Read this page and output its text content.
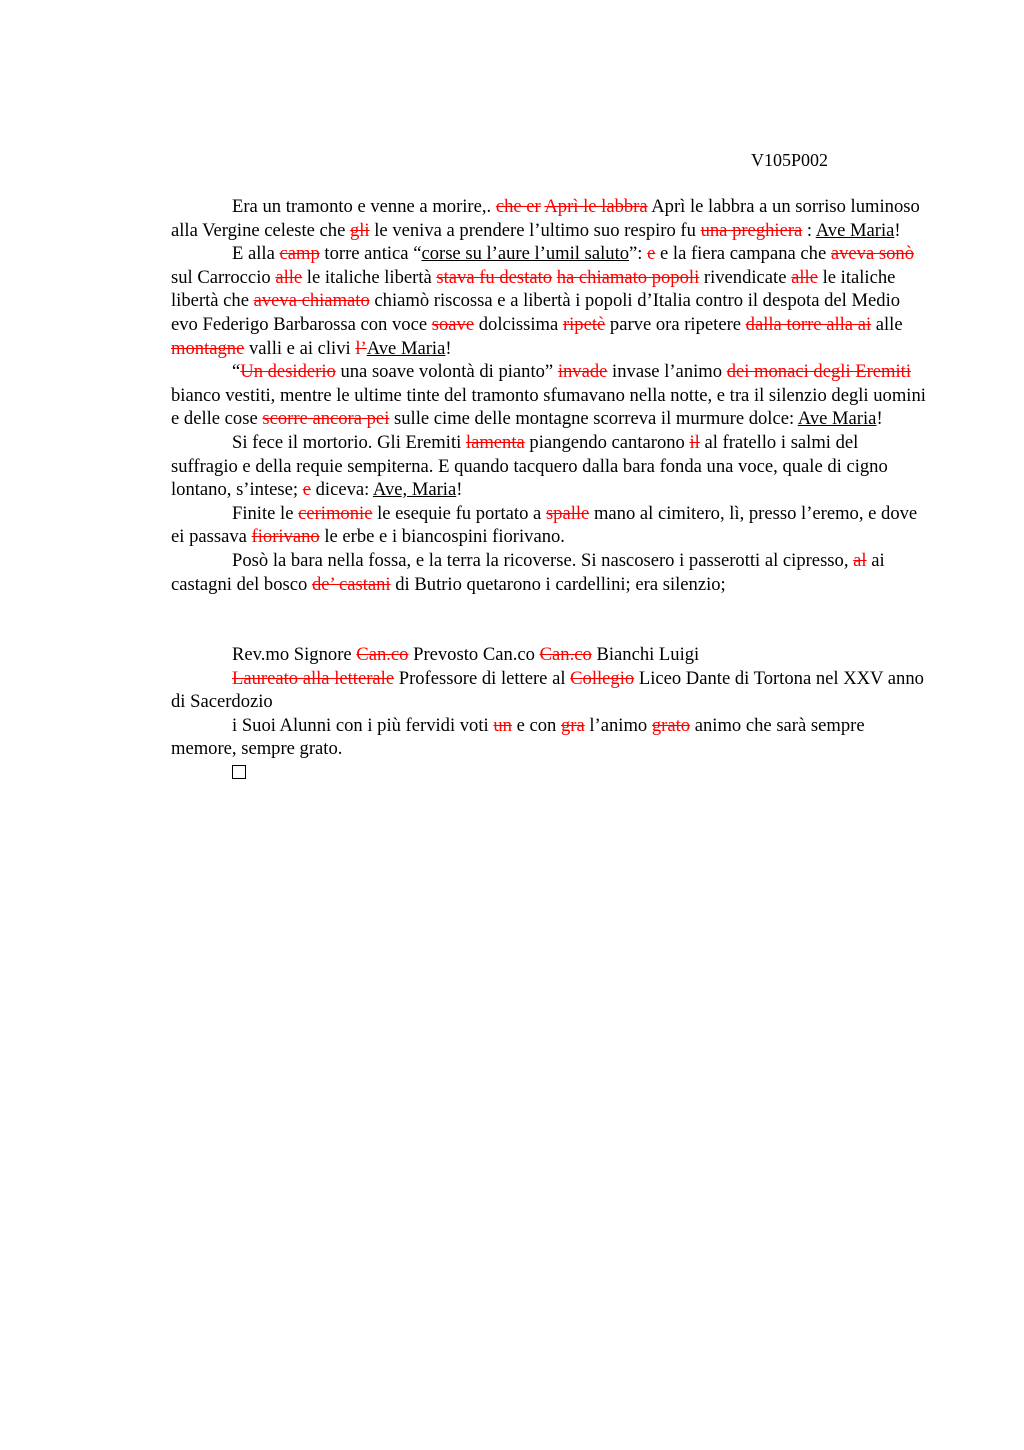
V105P002

Era un tramonto e venne a morire,. che er Aprì le labbra Aprì le labbra a un sorriso luminoso alla Vergine celeste che gli le veniva a prendere l’ultimo suo respiro fu una preghiera : Ave Maria!

E alla camp torre antica “corse su l’aure l’umil saluto”: e e la fiera campana che aveva sonò sul Carroccio alle le italiche libertà stava fu destato ha chiamato popoli rivendicate alle le italiche libertà che aveva chiamato chiamò riscossa e a libertà i popoli d’Italia contro il despota del Medio evo Federigo Barbarossa con voce soave dolcissima ripetè parve ora ripetere dalla torre alla ai alle montagne valli e ai clivi l’Ave Maria!

“Un desiderio una soave volontà di pianto” invade invase l’animo dei monaci degli Eremiti bianco vestiti, mentre le ultime tinte del tramonto sfumavano nella notte, e tra il silenzio degli uomini e delle cose scorre ancora pei sulle cime delle montagne scorreva il murmure dolce: Ave Maria!

Si fece il mortorio. Gli Eremiti lamenta piangendo cantarono il al fratello i salmi del suffragio e della requie sempiterna. E quando tacquero dalla bara fonda una voce, quale di cigno lontano, s’intese; e diceva: Ave, Maria!

Finite le cerimonie le esequie fu portato a spalle mano al cimitero, lì, presso l’eremo, e dove ei passava fiorivano le erbe e i biancospini fiorivano.

Posò la bara nella fossa, e la terra la ricoverse. Si nascosero i passerotti al cipresso, al ai castagni del bosco de’ castani di Butrio quetarono i cardellini; era silenzio;

Rev.mo Signore Can.co Prevosto Can.co Can.co Bianchi Luigi

Laureato alla letterale Professore di lettere al Collegio Liceo Dante di Tortona nel XXV anno di Sacerdozio

i Suoi Alunni con i più fervidi voti un e con gra l’animo grato animo che sarà sempre memore, sempre grato.
